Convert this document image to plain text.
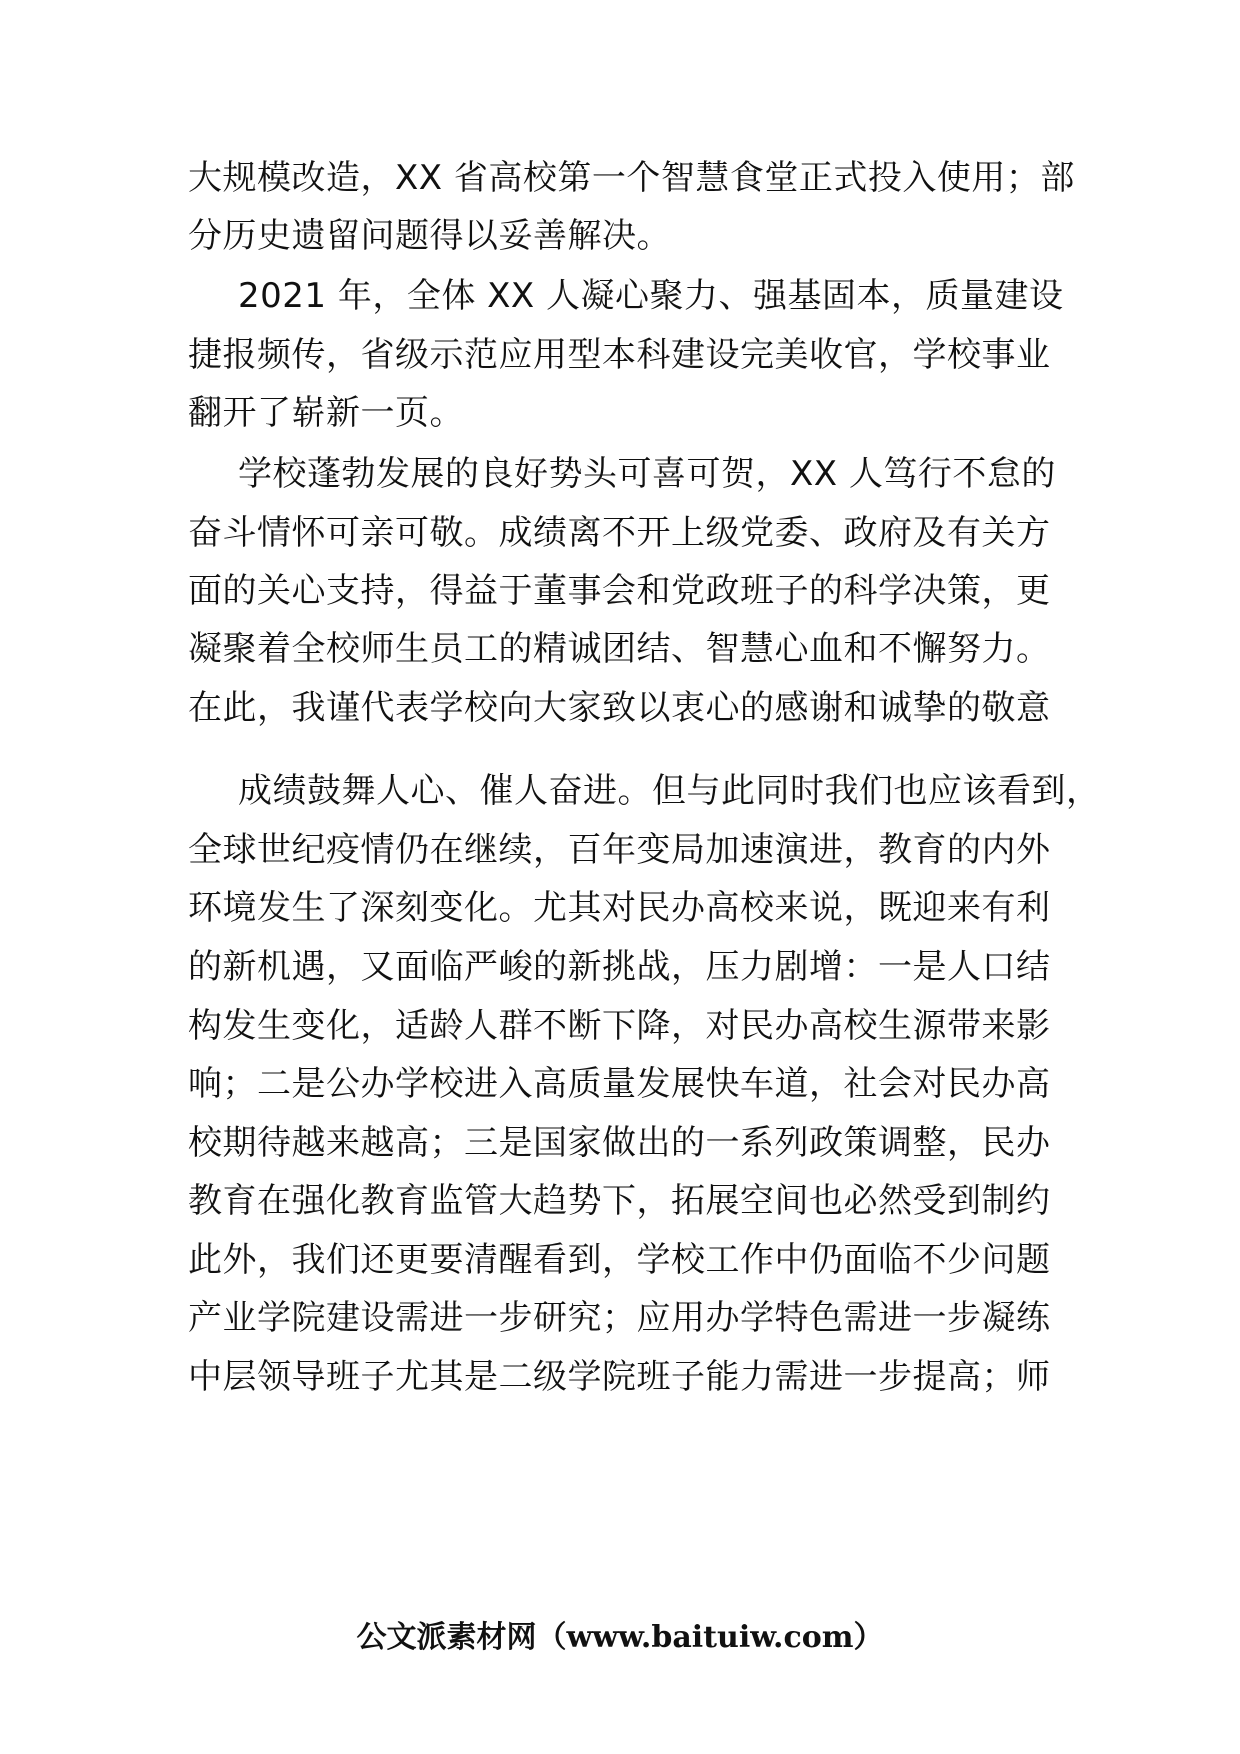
大规模改造，XX 省高校第一个智慧食堂正式投入使用；部
分历史遗留问题得以妥善解决。
2021 年，全体 XX 人凝心聚力、强基固本，质量建设
捷报频传，省级示范应用型本科建设完美收官，学校事业
翻开了崭新一页。
学校蓬勃发展的良好势头可喜可贺，XX 人笃行不怠的
奋斗情怀可亲可敬。成绩离不开上级党委、政府及有关方
面的关心支持，得益于董事会和党政班子的科学决策，更
凝聚着全校师生员工的精诚团结、智慧心血和不懈努力。
在此，我谨代表学校向大家致以衷心的感谢和诚挚的敬意
成绩鼓舞人心、催人奋进。但与此同时我们也应该看到，
全球世纪疫情仍在继续，百年变局加速演进，教育的内外
环境发生了深刻变化。尤其对民办高校来说，既迎来有利
的新机遇，又面临严峻的新挑战，压力剧增：一是人口结
构发生变化，适龄人群不断下降，对民办高校生源带来影
响；二是公办学校进入高质量发展快车道，社会对民办高
校期待越来越高；三是国家做出的一系列政策调整，民办
教育在强化教育监管大趋势下，拓展空间也必然受到制约
此外，我们还更要清醒看到，学校工作中仍面临不少问题
产业学院建设需进一步研究；应用办学特色需进一步凝练
中层领导班子尤其是二级学院班子能力需进一步提高；师
公文派素材网（www.baituiw.com）
